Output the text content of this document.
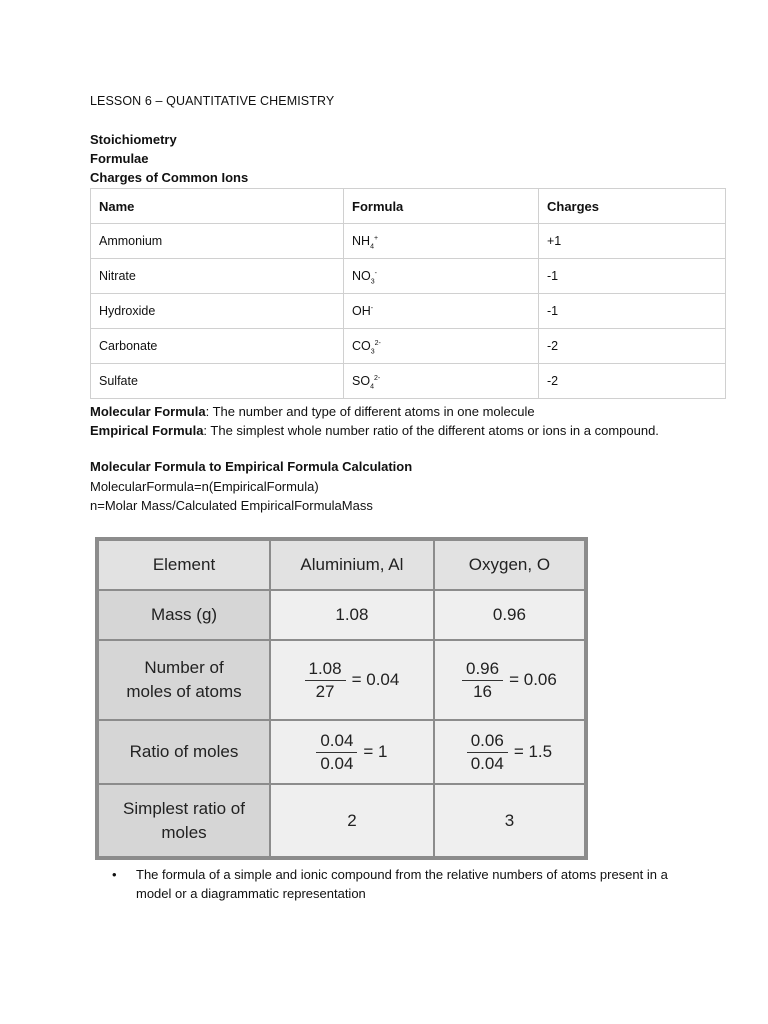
LESSON 6 – QUANTITATIVE CHEMISTRY
Stoichiometry
Formulae
Charges of Common Ions
Name	Formula	Charges
Ammonium	$NH_4^+$	+1
Nitrate	$NO_3^-$	-1
Hydroxide	OH-	-1
Carbonate	$CO_3^{2-}$	-2
Sulfate	$SO_4^{2-}$	-2
Molecular Formula: The number and type of different atoms in one molecule
Empirical Formula: The simplest whole number ratio of the different atoms or ions in a compound.
Molecular Formula to Empirical Formula Calculation
MolecularFormula=n(EmpiricalFormula)
n=Molar Mass/Calculated EmpiricalFormulaMass
Element	Aluminium, Al	Oxygen, O
Mass (g)	1.08	0.96
Number of
moles of atoms	$\frac{1.08}{27} = 0.04$	$\frac{0.96}{16} = 0.06$

Ratio of moles	$\frac{0.04}{0.04} = 1$	$\frac{0.06}{0.04} = 1.5$

Simplest ratio of
moles	2	3
• The formula of a simple and ionic compound from the relative numbers of atoms present in a model or a diagrammatic representation
